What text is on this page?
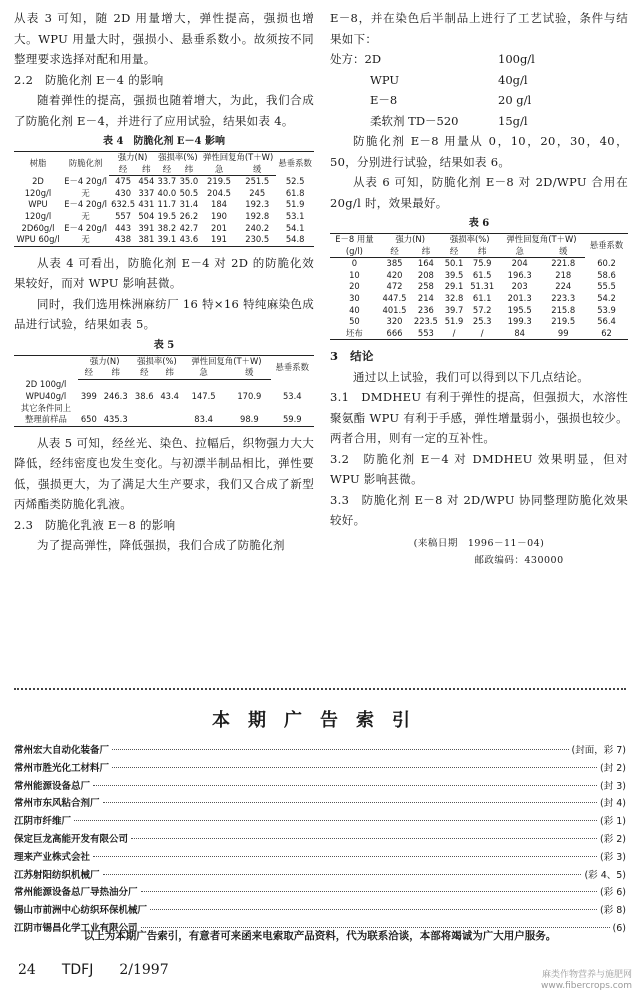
从表 3 可知，随 2D 用量增大，弹性提高，强损也增大。WPU 用量大时，强损小、悬垂系数小。故须按不同整理要求选择对配和用量。

2.2　防脆化剂 E－4 的影响

随着弹性的提高，强损也随着增大，为此，我们合成了防脆化剂 E－4，并进行了应用试验，结果如表 4。

表 4　防脆化剂 E－4 影响
树脂	防脆化剂	强力(N)		强损率(%)		弹性回复角(T＋W)		悬垂系数
		经	纬	经	纬	急	缓	
2D	E－4 20g/l	475	454	33.7	35.0	219.5	251.5	52.5
120g/l	无	430	337	40.0	50.5	204.5	245	61.8
WPU	E－4 20g/l	632.5	431	11.7	31.4	184	192.3	51.9
120g/l	无	557	504	19.5	26.2	190	192.8	53.1
2D60g/l	E－4 20g/l	443	391	38.2	42.7	201	240.2	54.1
WPU 60g/l	无	438	381	39.1	43.6	191	230.5	54.8

从表 4 可看出，防脆化剂 E－4 对 2D 的防脆化效果较好，而对 WPU 影响甚微。

同时，我们选用株洲麻纺厂 16 特×16 特纯麻染色成品进行试验，结果如表 5。

表 5
	强力(N)		强损率(%)		弹性回复角(T＋W)			悬垂系数
	经	纬	经	纬	急		缓	
2D 100g/l								
WPU40g/l	399	246.3	38.6	43.4	147.5		170.9	53.4
其它条件同上								
整理前样品	650	435.3			83.4		98.9	59.9

从表 5 可知，经丝光、染色、拉幅后，织物强力大大降低，经纬密度也发生变化。与初漂半制品相比，弹性要低，强损更大，为了满足大生产要求，我们又合成了新型丙烯酯类防脆化乳液。

2.3　防脆化乳液 E－8 的影响

为了提高弹性，降低强损，我们合成了防脆化剂

E－8，并在染色后半制品上进行了工艺试验，条件与结果如下：

处方：2D	100g/l
WPU	40g/l
E－8	20 g/l
柔软剂 TD－520	15g/l

防脆化剂 E－8 用量从 0，10，20，30，40，50，分别进行试验，结果如表 6。

从表 6 可知，防脆化剂 E－8 对 2D/WPU 合用在 20g/l 时，效果最好。

表 6
E－8 用量	强力(N)		强损率(%)		弹性回复角(T＋W)		悬垂系数
(g/l)	经	纬	经	纬	急	缓	
0	385	164	50.1	75.9	204	221.8	60.2
10	420	208	39.5	61.5	196.3	218	58.6
20	472	258	29.1	51.31	203	224	55.5
30	447.5	214	32.8	61.1	201.3	223.3	54.2
40	401.5	236	39.7	57.2	195.5	215.8	53.9
50	320	223.5	51.9	25.3	199.3	219.5	56.4
坯布	666	553	/	/	84	99	62
3　结论

通过以上试验，我们可以得到以下几点结论。

3.1　DMDHEU 有利于弹性的提高，但强损大，水溶性聚氨酯 WPU 有利于手感，弹性增量弱小，强损也较少。两者合用，则有一定的互补性。

3.2　防脆化剂 E－4 对 DMDHEU 效果明显，但对 WPU 影响甚微。

3.3　防脆化剂 E－8 对 2D/WPU 协同整理防脆化效果较好。

(来稿日期　1996－11－04)
邮政编码：430000
本期广告索引
常州宏大自动化装备厂	(封面，彩 7)
常州市胜光化工材料厂	(封 2)
常州能源设备总厂	(封 3)
常州市东风粘合剂厂	(封 4)
江阴市纤维厂	(彩 1)
保定巨龙高能开发有限公司	(彩 2)
理来产业株式会社	(彩 3)
江苏射阳纺织机械厂	(彩 4、5)
常州能源设备总厂导热油分厂	(彩 6)
锡山市前洲中心纺织环保机械厂	(彩 8)
江阴市锡昌化学工业有限公司	(6)
以上为本期广告索引，有意者可来函来电索取产品资料，代为联系洽谈，本部将竭诚为广大用户服务。
24 TDFJ 2/1997	麻类作物营养与施肥网
www.fibercrops.com
